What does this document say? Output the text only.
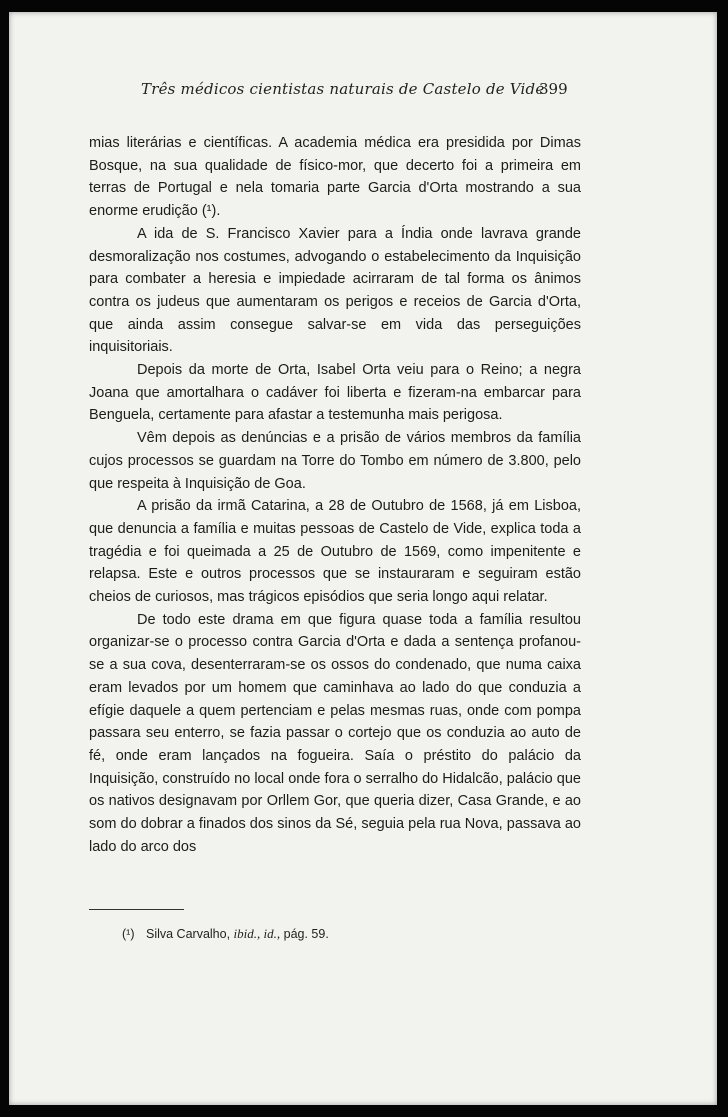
Três médicos cientistas naturais de Castelo de Vide
399

mias literárias e científicas. A academia médica era presidida por Dimas Bosque, na sua qualidade de físico-mor, que decerto foi a primeira em terras de Portugal e nela tomaria parte Garcia d'Orta mostrando a sua enorme erudição (¹).

A ida de S. Francisco Xavier para a Índia onde lavrava grande desmoralização nos costumes, advogando o estabelecimento da Inquisição para combater a heresia e impiedade acirraram de tal forma os ânimos contra os judeus que aumentaram os perigos e receios de Garcia d'Orta, que ainda assim consegue salvar-se em vida das perseguições inquisitoriais.

Depois da morte de Orta, Isabel Orta veiu para o Reino; a negra Joana que amortalhara o cadáver foi liberta e fizeram-na embarcar para Benguela, certamente para afastar a testemunha mais perigosa.

Vêm depois as denúncias e a prisão de vários membros da família cujos processos se guardam na Torre do Tombo em número de 3.800, pelo que respeita à Inquisição de Goa.

A prisão da irmã Catarina, a 28 de Outubro de 1568, já em Lisboa, que denuncia a família e muitas pessoas de Castelo de Vide, explica toda a tragédia e foi queimada a 25 de Outubro de 1569, como impenitente e relapsa. Este e outros processos que se instauraram e seguiram estão cheios de curiosos, mas trágicos episódios que seria longo aqui relatar.

De todo este drama em que figura quase toda a família resultou organizar-se o processo contra Garcia d'Orta e dada a sentença profanou-se a sua cova, desenterraram-se os ossos do condenado, que numa caixa eram levados por um homem que caminhava ao lado do que conduzia a efígie daquele a quem pertenciam e pelas mesmas ruas, onde com pompa passara seu enterro, se fazia passar o cortejo que os conduzia ao auto de fé, onde eram lançados na fogueira. Saía o préstito do palácio da Inquisição, construído no local onde fora o serralho do Hidalcão, palácio que os nativos designavam por Orllem Gor, que queria dizer, Casa Grande, e ao som do dobrar a finados dos sinos da Sé, seguia pela rua Nova, passava ao lado do arco dos

(¹) Silva Carvalho, ibid., id., pág. 59.
